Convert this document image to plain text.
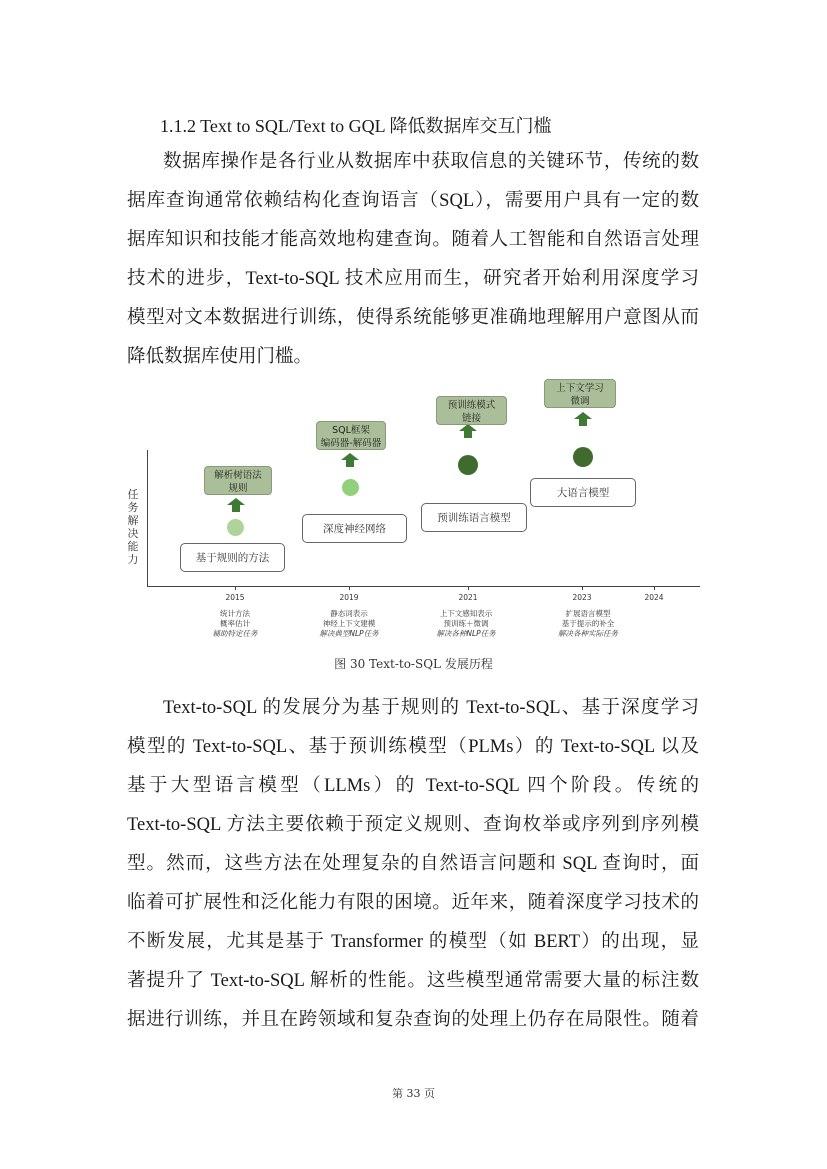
1.1.2 Text to SQL/Text to GQL 降低数据库交互门槛
数据库操作是各行业从数据库中获取信息的关键环节，传统的数
据库查询通常依赖结构化查询语言（SQL），需要用户具有一定的数
据库知识和技能才能高效地构建查询。随着人工智能和自然语言处理
技术的进步，Text-to-SQL 技术应用而生，研究者开始利用深度学习
模型对文本数据进行训练，使得系统能够更准确地理解用户意图从而
降低数据库使用门槛。
任务解决能力
2015	2019	2021	2023	2024
基于规则的方法
解析树语法
规则
深度神经网络
SQL框架
编码器-解码器
预训练语言模型
预训练模式
链接
大语言模型
上下文学习
微调
统计方法
概率估计
辅助特定任务
静态词表示
神经上下文建模
解决典型NLP任务
上下文感知表示
预训练＋微调
解决各种NLP任务
扩展语言模型
基于提示的补全
解决各种实际任务
图 30 Text-to-SQL 发展历程
Text-to-SQL 的发展分为基于规则的 Text-to-SQL、基于深度学习
模型的 Text-to-SQL、基于预训练模型（PLMs）的 Text-to-SQL 以及
基于大型语言模型（LLMs）的 Text-to-SQL 四个阶段。传统的
Text-to-SQL 方法主要依赖于预定义规则、查询枚举或序列到序列模
型。然而，这些方法在处理复杂的自然语言问题和 SQL 查询时，面
临着可扩展性和泛化能力有限的困境。近年来，随着深度学习技术的
不断发展，尤其是基于 Transformer 的模型（如 BERT）的出现，显
著提升了 Text-to-SQL 解析的性能。这些模型通常需要大量的标注数
据进行训练，并且在跨领域和复杂查询的处理上仍存在局限性。随着
第 33 页
